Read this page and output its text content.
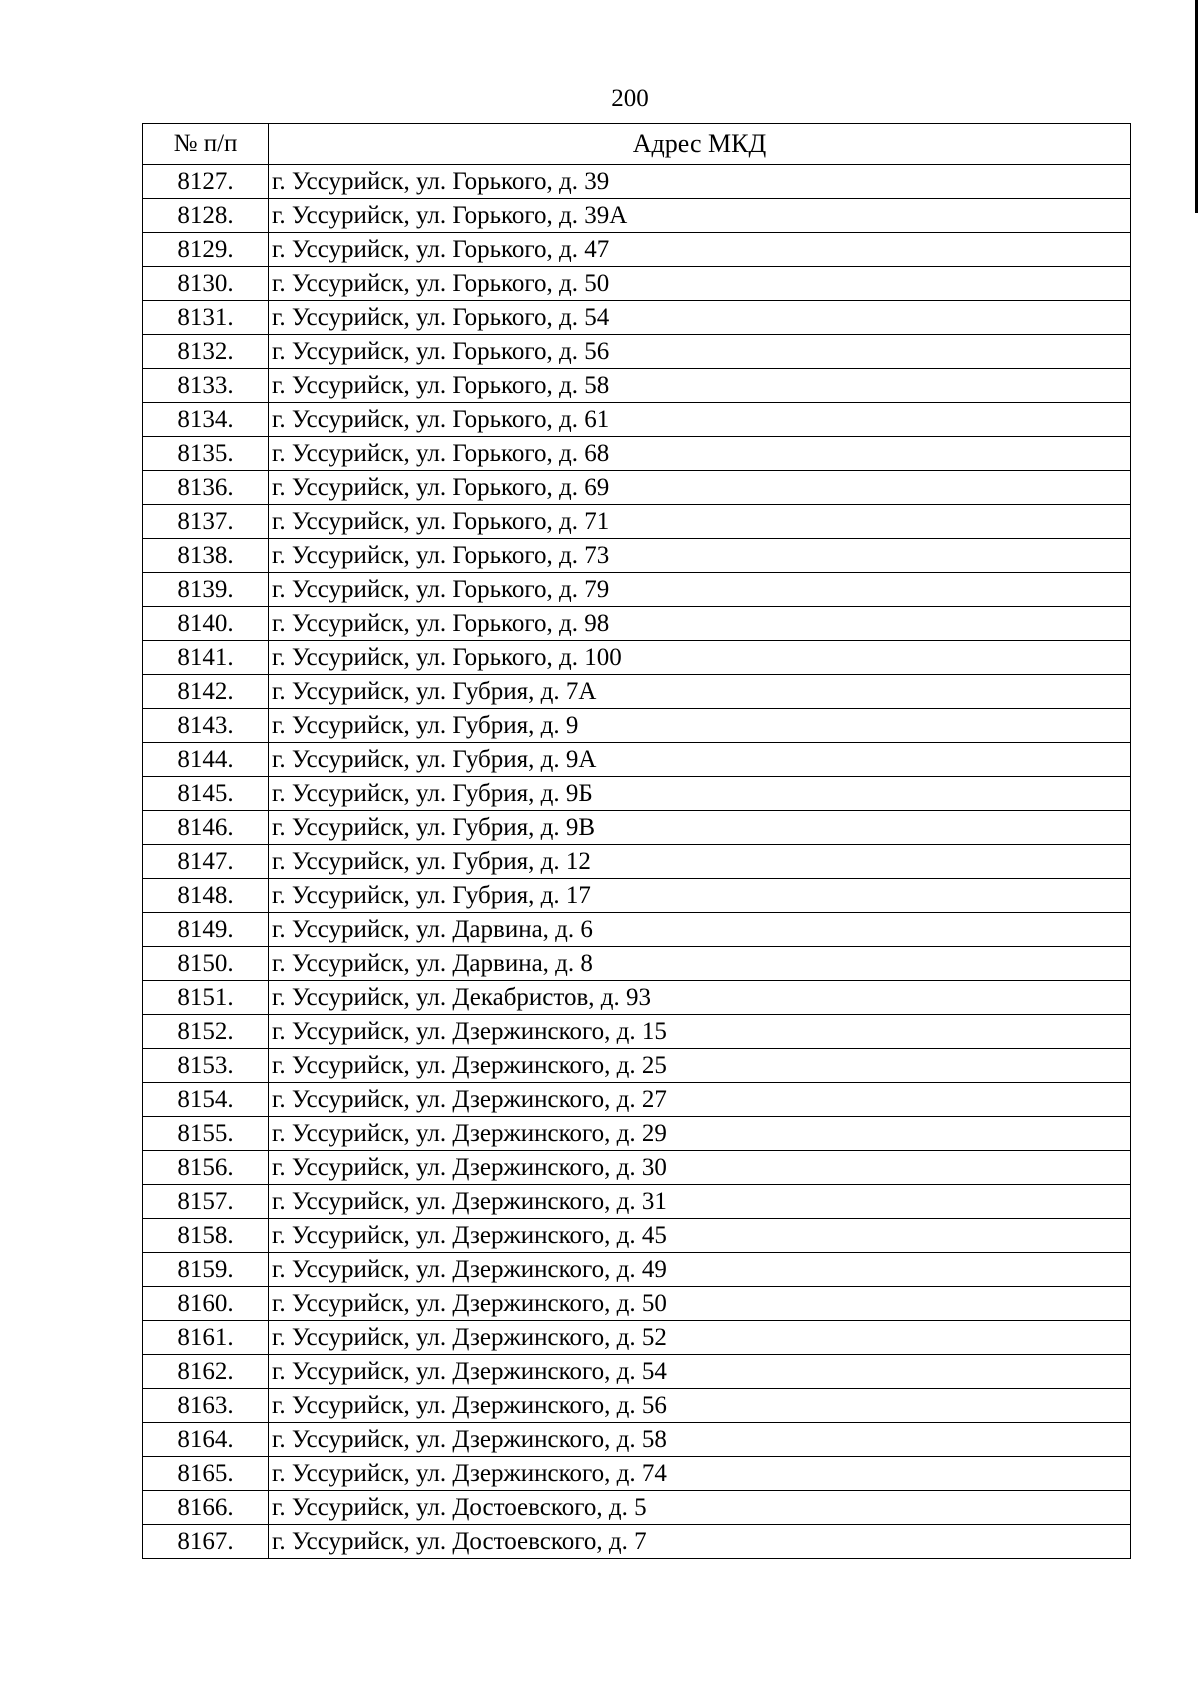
200
№ п/п	Адрес МКД
8127.	г. Уссурийск, ул. Горького, д. 39
8128.	г. Уссурийск, ул. Горького, д. 39А
8129.	г. Уссурийск, ул. Горького, д. 47
8130.	г. Уссурийск, ул. Горького, д. 50
8131.	г. Уссурийск, ул. Горького, д. 54
8132.	г. Уссурийск, ул. Горького, д. 56
8133.	г. Уссурийск, ул. Горького, д. 58
8134.	г. Уссурийск, ул. Горького, д. 61
8135.	г. Уссурийск, ул. Горького, д. 68
8136.	г. Уссурийск, ул. Горького, д. 69
8137.	г. Уссурийск, ул. Горького, д. 71
8138.	г. Уссурийск, ул. Горького, д. 73
8139.	г. Уссурийск, ул. Горького, д. 79
8140.	г. Уссурийск, ул. Горького, д. 98
8141.	г. Уссурийск, ул. Горького, д. 100
8142.	г. Уссурийск, ул. Губрия, д. 7А
8143.	г. Уссурийск, ул. Губрия, д. 9
8144.	г. Уссурийск, ул. Губрия, д. 9А
8145.	г. Уссурийск, ул. Губрия, д. 9Б
8146.	г. Уссурийск, ул. Губрия, д. 9В
8147.	г. Уссурийск, ул. Губрия, д. 12
8148.	г. Уссурийск, ул. Губрия, д. 17
8149.	г. Уссурийск, ул. Дарвина, д. 6
8150.	г. Уссурийск, ул. Дарвина, д. 8
8151.	г. Уссурийск, ул. Декабристов, д. 93
8152.	г. Уссурийск, ул. Дзержинского, д. 15
8153.	г. Уссурийск, ул. Дзержинского, д. 25
8154.	г. Уссурийск, ул. Дзержинского, д. 27
8155.	г. Уссурийск, ул. Дзержинского, д. 29
8156.	г. Уссурийск, ул. Дзержинского, д. 30
8157.	г. Уссурийск, ул. Дзержинского, д. 31
8158.	г. Уссурийск, ул. Дзержинского, д. 45
8159.	г. Уссурийск, ул. Дзержинского, д. 49
8160.	г. Уссурийск, ул. Дзержинского, д. 50
8161.	г. Уссурийск, ул. Дзержинского, д. 52
8162.	г. Уссурийск, ул. Дзержинского, д. 54
8163.	г. Уссурийск, ул. Дзержинского, д. 56
8164.	г. Уссурийск, ул. Дзержинского, д. 58
8165.	г. Уссурийск, ул. Дзержинского, д. 74
8166.	г. Уссурийск, ул. Достоевского, д. 5
8167.	г. Уссурийск, ул. Достоевского, д. 7
